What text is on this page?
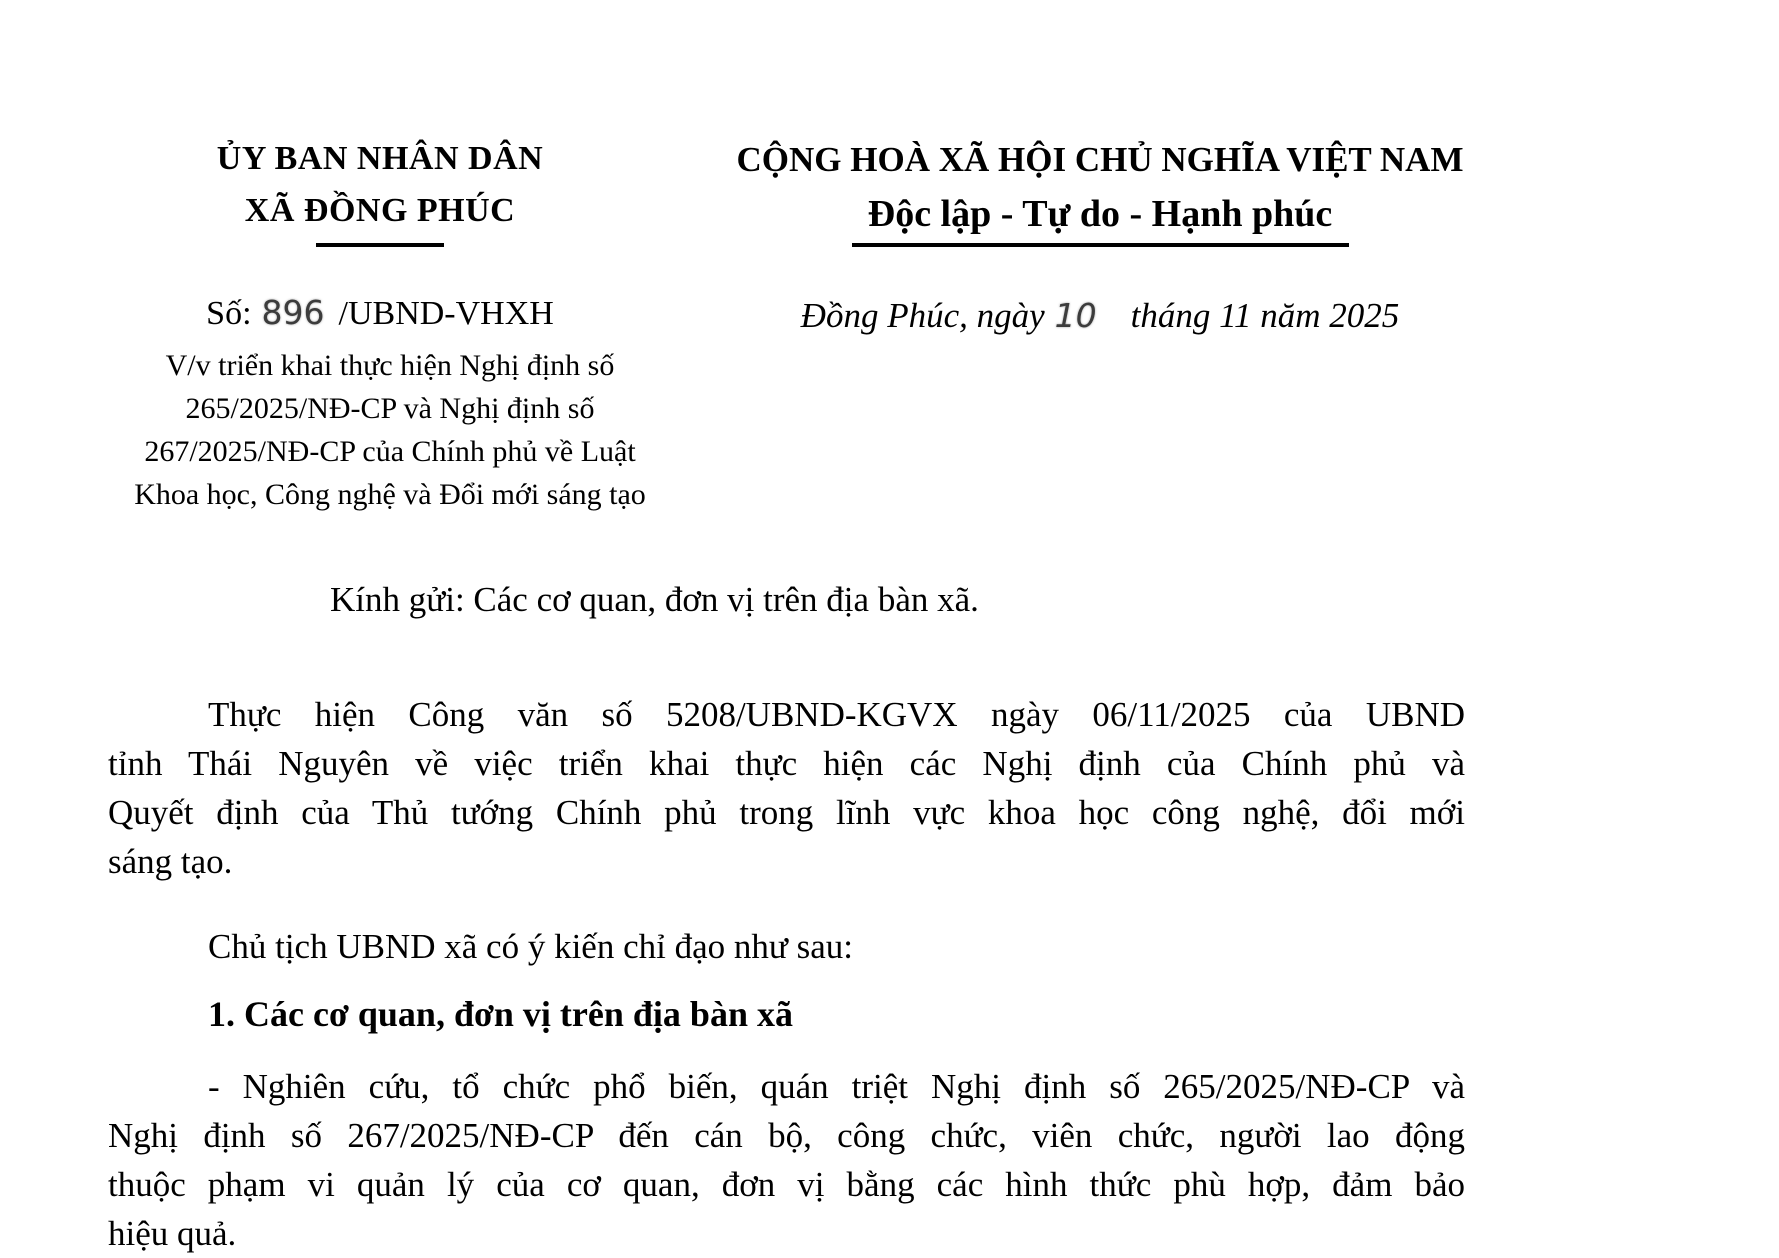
ỦY BAN NHÂN DÂN
XÃ ĐỒNG PHÚC
CỘNG HOÀ XÃ HỘI CHỦ NGHĨA VIỆT NAM
Độc lập - Tự do - Hạnh phúc
Số: 896 /UBND-VHXH	Đồng Phúc, ngày 10 tháng 11 năm 2025
V/v triển khai thực hiện Nghị định số
265/2025/NĐ-CP và Nghị định số
267/2025/NĐ-CP của Chính phủ về Luật
Khoa học, Công nghệ và Đổi mới sáng tạo
Kính gửi: Các cơ quan, đơn vị trên địa bàn xã.
Thực hiện Công văn số 5208/UBND-KGVX ngày 06/11/2025 của UBND
tỉnh Thái Nguyên về việc triển khai thực hiện các Nghị định của Chính phủ và
Quyết định của Thủ tướng Chính phủ trong lĩnh vực khoa học công nghệ, đổi mới
sáng tạo.
Chủ tịch UBND xã có ý kiến chỉ đạo như sau:
1. Các cơ quan, đơn vị trên địa bàn xã
- Nghiên cứu, tổ chức phổ biến, quán triệt Nghị định số 265/2025/NĐ-CP và
Nghị định số 267/2025/NĐ-CP đến cán bộ, công chức, viên chức, người lao động
thuộc phạm vi quản lý của cơ quan, đơn vị bằng các hình thức phù hợp, đảm bảo
hiệu quả.
